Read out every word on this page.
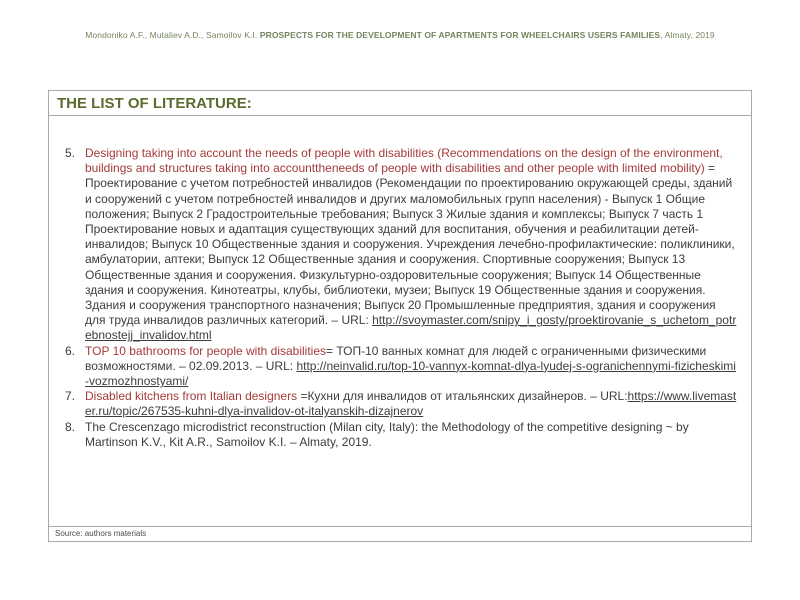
Mondoniko A.F., Mutaliev A.D., Samoilov K.I. PROSPECTS FOR THE DEVELOPMENT OF APARTMENTS FOR WHEELCHAIRS USERS FAMILIES, Almaty, 2019
THE LIST OF LITERATURE:
5. Designing taking into account the needs of people with disabilities (Recommendations on the design of the environment, buildings and structures taking into accounttheneeds of people with disabilities and other people with limited mobility) = Проектирование с учетом потребностей инвалидов (Рекомендации по проектированию окружающей среды, зданий и сооружений с учетом потребностей инвалидов и других маломобильных групп населения) - Выпуск 1 Общие положения; Выпуск 2 Градостроительные требования; Выпуск 3 Жилые здания и комплексы; Выпуск 7 часть 1 Проектирование новых и адаптация существующих зданий для воспитания, обучения и реабилитации детей-инвалидов; Выпуск 10 Общественные здания и сооружения. Учреждения лечебно-профилактические: поликлиники, амбулатории, аптеки; Выпуск 12 Общественные здания и сооружения. Спортивные сооружения; Выпуск 13 Общественные здания и сооружения. Физкультурно-оздоровительные сооружения; Выпуск 14 Общественные здания и сооружения. Кинотеатры, клубы, библиотеки, музеи; Выпуск 19 Общественные здания и сооружения. Здания и сооружения транспортного назначения; Выпуск 20 Промышленные предприятия, здания и сооружения для труда инвалидов различных категорий. – URL: http://svoymaster.com/snipy_i_gosty/proektirovanie_s_uchetom_potrebnostejj_invalidov.html
6. TOP 10 bathrooms for people with disabilities= ТОП-10 ванных комнат для людей с ограниченными физическими возможностями. – 02.09.2013. – URL: http://neinvalid.ru/top-10-vannyx-komnat-dlya-lyudej-s-ogranichennymi-fizicheskimi-vozmozhnostyami/
7. Disabled kitchens from Italian designers =Кухни для инвалидов от итальянских дизайнеров. – URL:https://www.livemaster.ru/topic/267535-kuhni-dlya-invalidov-ot-italyanskih-dizajnerov
8. The Crescenzago microdistrict reconstruction (Milan city, Italy): the Methodology of the competitive designing ~ by Martinson K.V., Kit A.R., Samoilov K.I. – Almaty, 2019.
Source: authors materials
